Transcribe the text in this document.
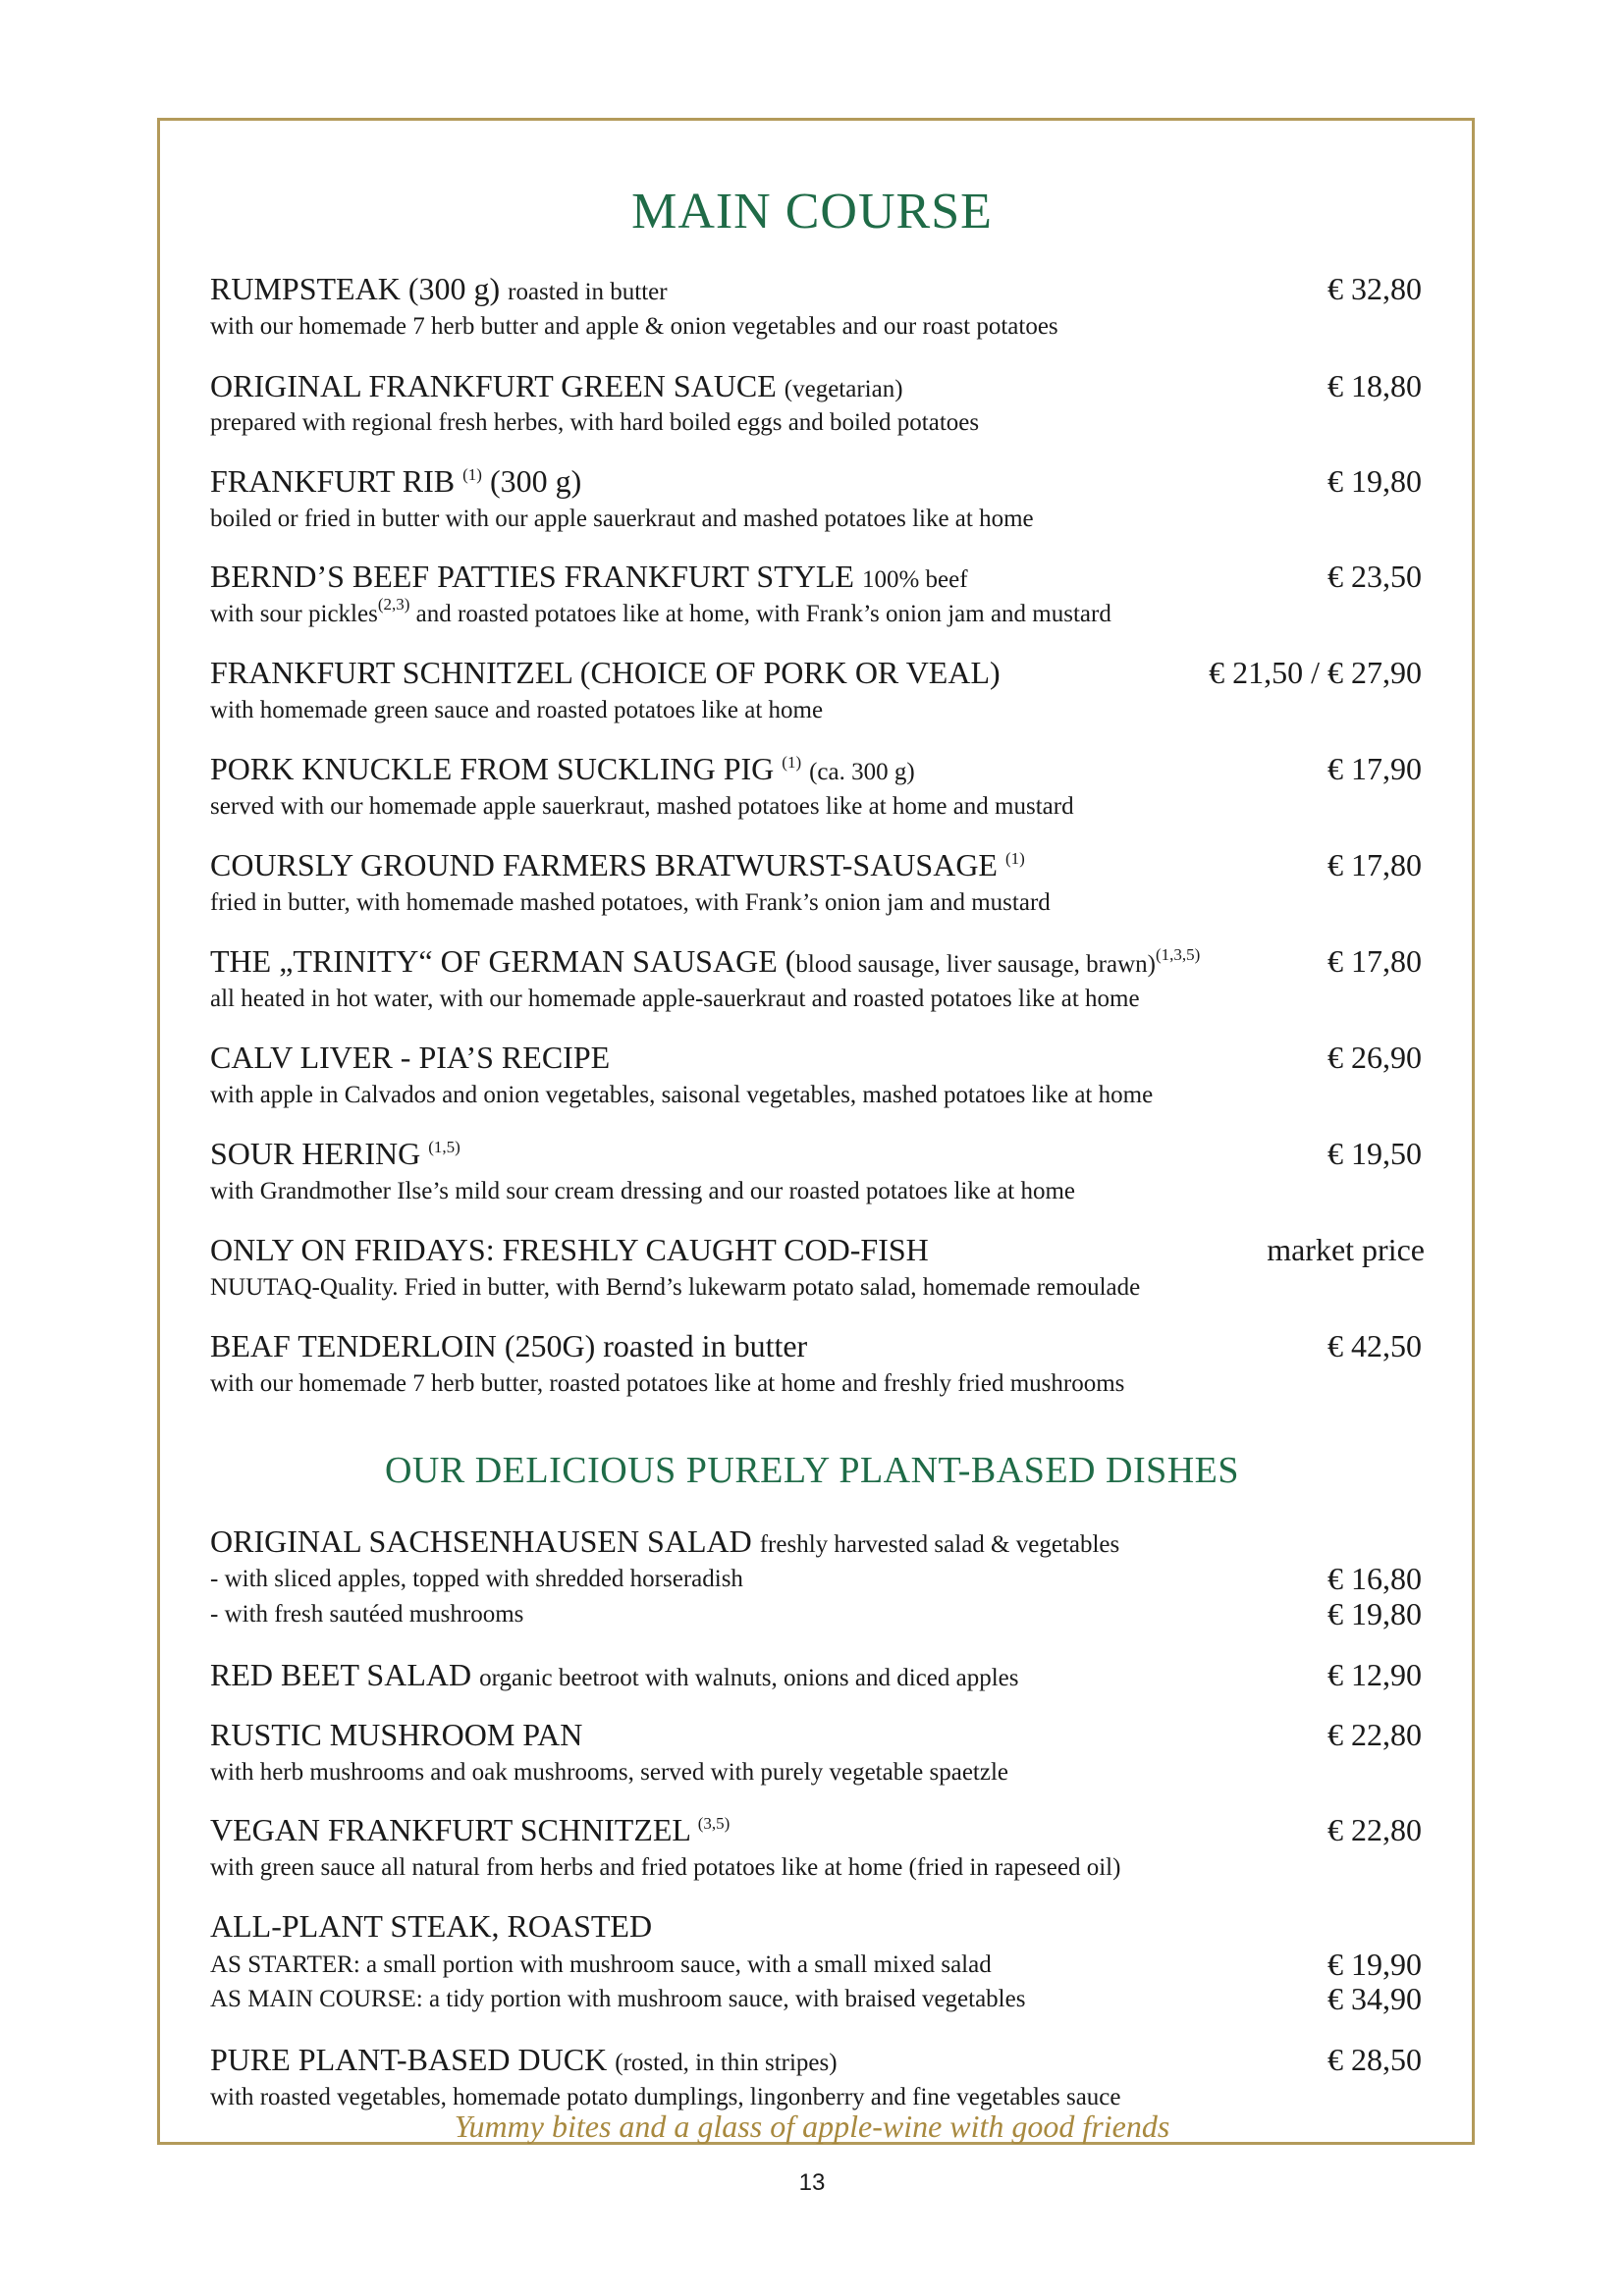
MAIN COURSE
RUMPSTEAK (300 g) roasted in butter	€ 32,80
with our homemade 7 herb butter and apple & onion vegetables and our roast potatoes
ORIGINAL FRANKFURT GREEN SAUCE (vegetarian)	€ 18,80
prepared with regional fresh herbes, with hard boiled eggs and boiled potatoes
FRANKFURT RIB $^{(1)}$ (300 g)	€ 19,80
boiled or fried in butter with our apple sauerkraut and mashed potatoes like at home
BERND’S BEEF PATTIES FRANKFURT STYLE 100% beef	€ 23,50
with sour pickles$^{(2,3)}$ and roasted potatoes like at home, with Frank’s onion jam and mustard
FRANKFURT SCHNITZEL (CHOICE OF PORK OR VEAL)	€ 21,50 / € 27,90
with homemade green sauce and roasted potatoes like at home
PORK KNUCKLE FROM SUCKLING PIG $^{(1)}$ (ca. 300 g)	€ 17,90
served with our homemade apple sauerkraut, mashed potatoes like at home and mustard
COURSLY GROUND FARMERS BRATWURST-SAUSAGE $^{(1)}$	€ 17,80
fried in butter, with homemade mashed potatoes, with Frank’s onion jam and mustard
THE „TRINITY“ OF GERMAN SAUSAGE (blood sausage, liver sausage, brawn)$^{(1,3,5)}$	€ 17,80
all heated in hot water, with our homemade apple-sauerkraut and roasted potatoes like at home
CALV LIVER - PIA’S RECIPE	€ 26,90
with apple in Calvados and onion vegetables, saisonal vegetables, mashed potatoes like at home
SOUR HERING $^{(1,5)}$	€ 19,50
with Grandmother Ilse’s mild sour cream dressing and our roasted potatoes like at home
ONLY ON FRIDAYS: FRESHLY CAUGHT COD-FISH	market price
NUUTAQ-Quality. Fried in butter, with Bernd’s lukewarm potato salad, homemade remoulade
BEAF TENDERLOIN (250G) roasted in butter	€ 42,50
with our homemade 7 herb butter, roasted potatoes like at home and freshly fried mushrooms
OUR DELICIOUS PURELY PLANT-BASED DISHES
ORIGINAL SACHSENHAUSEN SALAD freshly harvested salad & vegetables
- with sliced apples, topped with shredded horseradish	€ 16,80
- with fresh sautéed mushrooms	€ 19,80
RED BEET SALAD organic beetroot with walnuts, onions and diced apples	€ 12,90
RUSTIC MUSHROOM PAN	€ 22,80
with herb mushrooms and oak mushrooms, served with purely vegetable spaetzle
VEGAN FRANKFURT SCHNITZEL $^{(3,5)}$	€ 22,80
with green sauce all natural from herbs and fried potatoes like at home (fried in rapeseed oil)
ALL-PLANT STEAK, ROASTED
AS STARTER: a small portion with mushroom sauce, with a small mixed salad	€ 19,90
AS MAIN COURSE: a tidy portion with mushroom sauce, with braised vegetables	€ 34,90
PURE PLANT-BASED DUCK (rosted, in thin stripes)	€ 28,50
with roasted vegetables, homemade potato dumplings, lingonberry and fine vegetables sauce
Yummy bites and a glass of apple-wine with good friends
13
